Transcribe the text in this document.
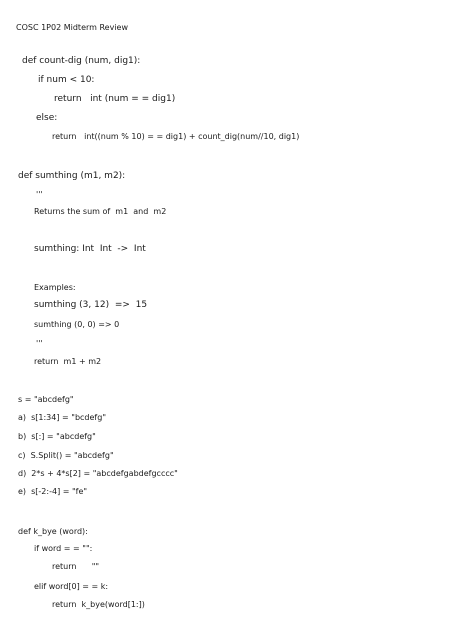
COSC 1P02 Midterm Review
def count-dig (num, dig1):
if num < 10:
return   int (num = = dig1)
else:
return   int((num % 10) = = dig1) + count_dig(num//10, dig1)
def sumthing (m1, m2):
'''
Returns the sum of  m1  and  m2
sumthing: Int  Int  ->  Int
Examples:
sumthing (3, 12)  =>  15
sumthing (0, 0) => 0
'''
return  m1 + m2
s = "abcdefg"
a)  s[1:34] = "bcdefg"
b)  s[:] = "abcdefg"
c)  S.Split() = "abcdefg"
d)  2*s + 4*s[2] = "abcdefgabdefgcccc"
e)  s[-2:-4] = "fe"
def k_bye (word):
if word = = "":
return      ""
elif word[0] = = k:
return  k_bye(word[1:])
